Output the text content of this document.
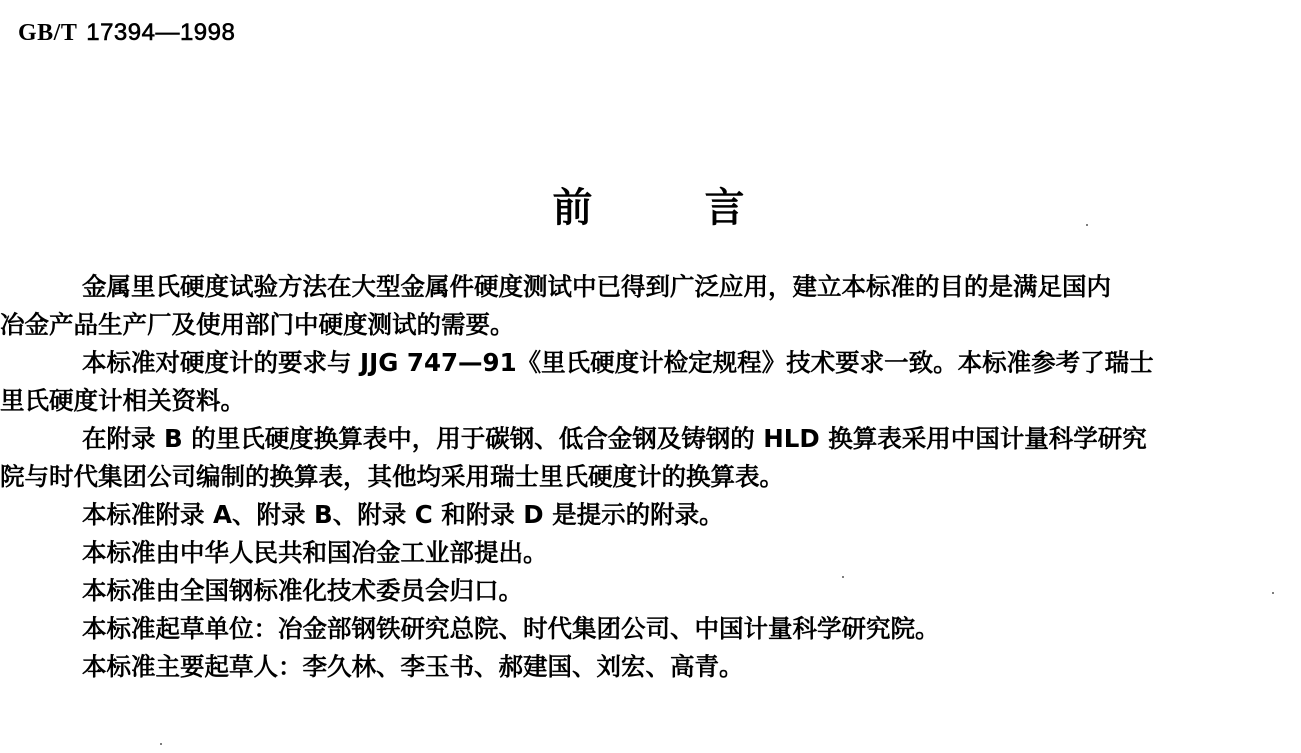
GB/T 17394—1998
前	言

金属里氏硬度试验方法在大型金属件硬度测试中已得到广泛应用，建立本标准的目的是满足国内
冶金产品生产厂及使用部门中硬度测试的需要。

本标准对硬度计的要求与 JJG 747—91《里氏硬度计检定规程》技术要求一致。本标准参考了瑞士
里氏硬度计相关资料。

在附录 B 的里氏硬度换算表中，用于碳钢、低合金钢及铸钢的 HLD 换算表采用中国计量科学研究
院与时代集团公司编制的换算表，其他均采用瑞士里氏硬度计的换算表。

本标准附录 A、附录 B、附录 C 和附录 D 是提示的附录。

本标准由中华人民共和国冶金工业部提出。

本标准由全国钢标准化技术委员会归口。

本标准起草单位：冶金部钢铁研究总院、时代集团公司、中国计量科学研究院。

本标准主要起草人：李久林、李玉书、郝建国、刘宏、高青。
